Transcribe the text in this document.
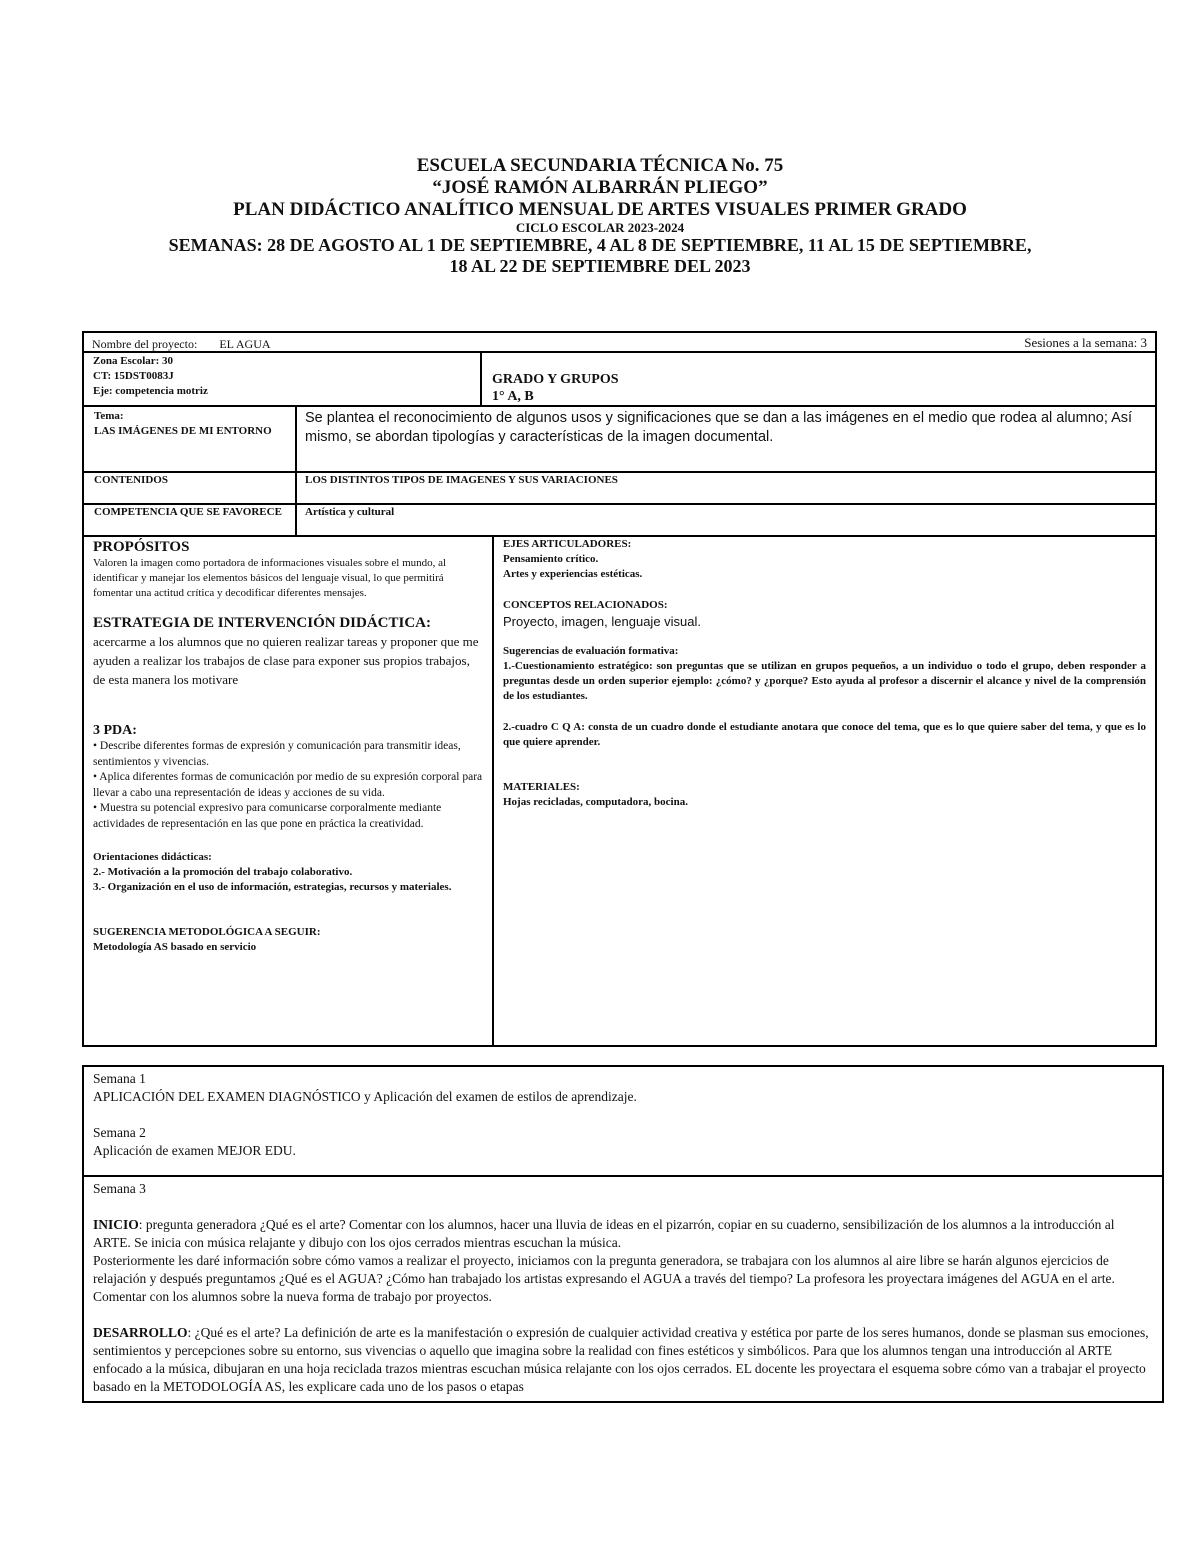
ESCUELA SECUNDARIA TÉCNICA No. 75
“JOSÉ RAMÓN ALBARRÁN PLIEGO”
PLAN DIDÁCTICO ANALÍTICO MENSUAL DE ARTES VISUALES PRIMER GRADO
CICLO ESCOLAR 2023-2024
SEMANAS: 28 DE AGOSTO AL 1 DE SEPTIEMBRE, 4 AL 8 DE SEPTIEMBRE, 11 AL 15 DE SEPTIEMBRE,
18 AL 22 DE SEPTIEMBRE DEL 2023
Nombre del proyecto: EL AGUA	Sesiones a la semana: 3
Zona Escolar: 30
CT: 15DST0083J
Eje: competencia motriz
GRADO Y GRUPOS
1° A, B
Tema:
LAS IMÁGENES DE MI ENTORNO
Se plantea el reconocimiento de algunos usos y significaciones que se dan a las imágenes en el medio que rodea al alumno; Así mismo, se abordan tipologías y características de la imagen documental.
CONTENIDOS	LOS DISTINTOS TIPOS DE IMAGENES Y SUS VARIACIONES
COMPETENCIA QUE SE FAVORECE Artística y cultural
PROPÓSITOS
Valoren la imagen como portadora de informaciones visuales sobre el mundo, al identificar y manejar los elementos básicos del lenguaje visual, lo que permitirá fomentar una actitud crítica y decodificar diferentes mensajes.
ESTRATEGIA DE INTERVENCIÓN DIDÁCTICA:
acercarme a los alumnos que no quieren realizar tareas y proponer que me ayuden a realizar los trabajos de clase para exponer sus propios trabajos, de esta manera los motivare
3 PDA:
• Describe diferentes formas de expresión y comunicación para transmitir ideas, sentimientos y vivencias.
• Aplica diferentes formas de comunicación por medio de su expresión corporal para llevar a cabo una representación de ideas y acciones de su vida.
• Muestra su potencial expresivo para comunicarse corporalmente mediante actividades de representación en las que pone en práctica la creatividad.
Orientaciones didácticas:
2.- Motivación a la promoción del trabajo colaborativo.
3.- Organización en el uso de información, estrategias, recursos y materiales.
SUGERENCIA METODOLÓGICA A SEGUIR:
Metodología AS basado en servicio
EJES ARTICULADORES:
Pensamiento crítico.
Artes y experiencias estéticas.
CONCEPTOS RELACIONADOS:
Proyecto, imagen, lenguaje visual.
Sugerencias de evaluación formativa:
1.-Cuestionamiento estratégico: son preguntas que se utilizan en grupos pequeños, a un individuo o todo el grupo, deben responder a preguntas desde un orden superior ejemplo: ¿cómo? y ¿porque? Esto ayuda al profesor a discernir el alcance y nivel de la comprensión de los estudiantes.
2.-cuadro C Q A: consta de un cuadro donde el estudiante anotara que conoce del tema, que es lo que quiere saber del tema, y que es lo que quiere aprender.
MATERIALES:
Hojas recicladas, computadora, bocina.
Semana 1
APLICACIÓN DEL EXAMEN DIAGNÓSTICO y Aplicación del examen de estilos de aprendizaje.
Semana 2
Aplicación de examen MEJOR EDU.
Semana 3
INICIO: pregunta generadora ¿Qué es el arte? Comentar con los alumnos, hacer una lluvia de ideas en el pizarrón, copiar en su cuaderno, sensibilización de los alumnos a la introducción al ARTE. Se inicia con música relajante y dibujo con los ojos cerrados mientras escuchan la música.
Posteriormente les daré información sobre cómo vamos a realizar el proyecto, iniciamos con la pregunta generadora, se trabajara con los alumnos al aire libre se harán algunos ejercicios de relajación y después preguntamos ¿Qué es el AGUA? ¿Cómo han trabajado los artistas expresando el AGUA a través del tiempo? La profesora les proyectara imágenes del AGUA en el arte. Comentar con los alumnos sobre la nueva forma de trabajo por proyectos.
DESARROLLO: ¿Qué es el arte? La definición de arte es la manifestación o expresión de cualquier actividad creativa y estética por parte de los seres humanos, donde se plasman sus emociones, sentimientos y percepciones sobre su entorno, sus vivencias o aquello que imagina sobre la realidad con fines estéticos y simbólicos. Para que los alumnos tengan una introducción al ARTE enfocado a la música, dibujaran en una hoja reciclada trazos mientras escuchan música relajante con los ojos cerrados. EL docente les proyectara el esquema sobre cómo van a trabajar el proyecto basado en la METODOLOGÍA AS, les explicare cada uno de los pasos o etapas
